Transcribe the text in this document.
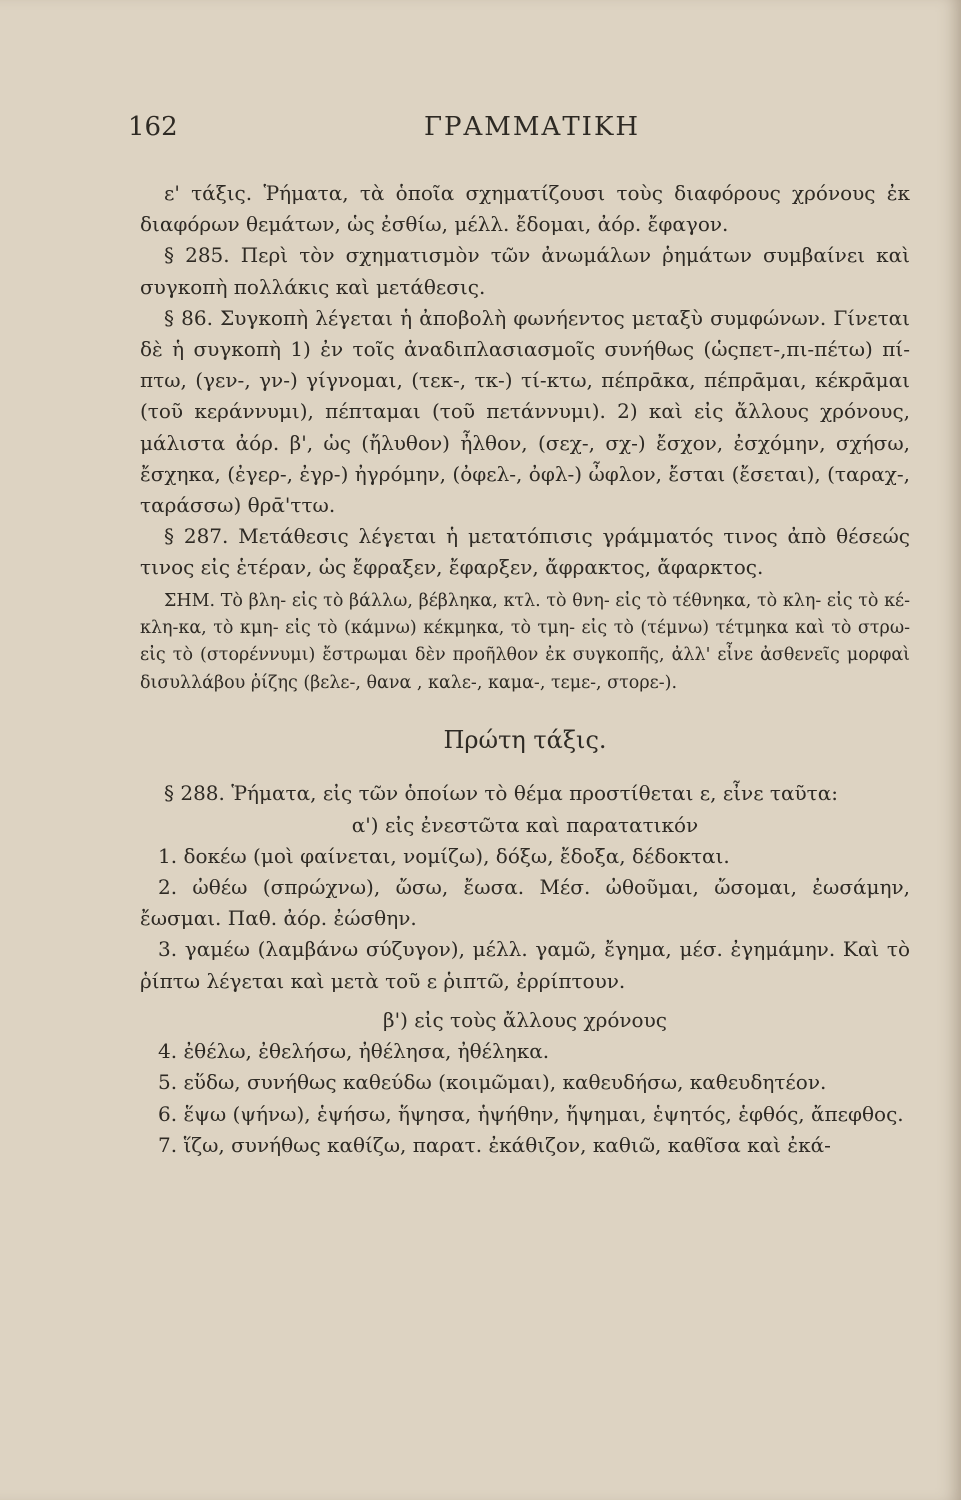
162	ΓΡΑΜΜΑΤΙΚΗ

ε' τάξις. Ῥήματα, τὰ ὁποῖα σχηματίζουσι τοὺς διαφόρους χρόνους ἐκ διαφόρων θεμάτων, ὡς ἐσθίω, μέλλ. ἔδομαι, ἀόρ. ἔφαγον.

§ 285. Περὶ τὸν σχηματισμὸν τῶν ἀνωμάλων ῥημάτων συμβαίνει καὶ συγκοπὴ πολλάκις καὶ μετάθεσις.

§ 86. Συγκοπὴ λέγεται ἡ ἀποβολὴ φωνήεντος μεταξὺ συμφώνων. Γίνεται δὲ ἡ συγκοπὴ 1) ἐν τοῖς ἀναδιπλασιασμοῖς συνήθως (ὡςπετ-,πι-πέτω) πί-πτω, (γεν-, γν-) γίγνομαι, (τεκ-, τκ-) τί-κτω, πέπρᾱκα, πέπρᾱμαι, κέκρᾱμαι (τοῦ κεράννυμι), πέπταμαι (τοῦ πετάννυμι). 2) καὶ εἰς ἄλλους χρόνους, μάλιστα ἀόρ. β', ὡς (ἤλυθον) ἦλθον, (σεχ-, σχ-) ἔσχον, ἐσχόμην, σχήσω, ἔσχηκα, (ἐγερ-, ἐγρ-) ἠγρόμην, (ὀφελ-, ὀφλ-) ὦφλον, ἔσται (ἔσεται), (ταραχ-, ταράσσω) θρᾱ'ττω.

§ 287. Μετάθεσις λέγεται ἡ μετατόπισις γράμματός τινος ἀπὸ θέσεώς τινος εἰς ἑτέραν, ὡς ἔφραξεν, ἔφαρξεν, ἄφρακτος, ἄφαρκτος.

ΣΗΜ. Τὸ βλη- εἰς τὸ βάλλω, βέβληκα, κτλ. τὸ θνη- εἰς τὸ τέθνηκα, τὸ κλη- εἰς τὸ κέ-κλη-κα, τὸ κμη- εἰς τὸ (κάμνω) κέκμηκα, τὸ τμη- εἰς τὸ (τέμνω) τέτμηκα καὶ τὸ στρω- εἰς τὸ (στορέννυμι) ἔστρωμαι δὲν προῆλθον ἐκ συγκοπῆς, ἀλλ' εἶνε ἀσθενεῖς μορφαὶ δισυλλάβου ῥίζης (βελε-, θανα , καλε-, καμα-, τεμε-, στορε-).

Πρώτη τάξις.

§ 288. Ῥήματα, εἰς τῶν ὁποίων τὸ θέμα προστίθεται ε, εἶνε ταῦτα:

α') εἰς ἐνεστῶτα καὶ παρατατικόν

1. δοκέω (μοὶ φαίνεται, νομίζω), δόξω, ἔδοξα, δέδοκται.

2. ὠθέω (σπρώχνω), ὤσω, ἔωσα. Μέσ. ὠθοῦμαι, ὤσομαι, ἐωσάμην, ἔωσμαι. Παθ. ἀόρ. ἐώσθην.

3. γαμέω (λαμβάνω σύζυγον), μέλλ. γαμῶ, ἔγημα, μέσ. ἐγημάμην. Καὶ τὸ ῥίπτω λέγεται καὶ μετὰ τοῦ ε ῥιπτῶ, ἐρρίπτουν.

β') εἰς τοὺς ἄλλους χρόνους

4. ἐθέλω, ἐθελήσω, ἠθέλησα, ἠθέληκα.

5. εὕδω, συνήθως καθεύδω (κοιμῶμαι), καθευδήσω, καθευδητέον.

6. ἕψω (ψήνω), ἑψήσω, ἥψησα, ἡψήθην, ἥψημαι, ἑψητός, ἑφθός, ἄπεφθος.

7. ἵζω, συνήθως καθίζω, παρατ. ἐκάθιζον, καθιῶ, καθῖσα καὶ ἐκά-
